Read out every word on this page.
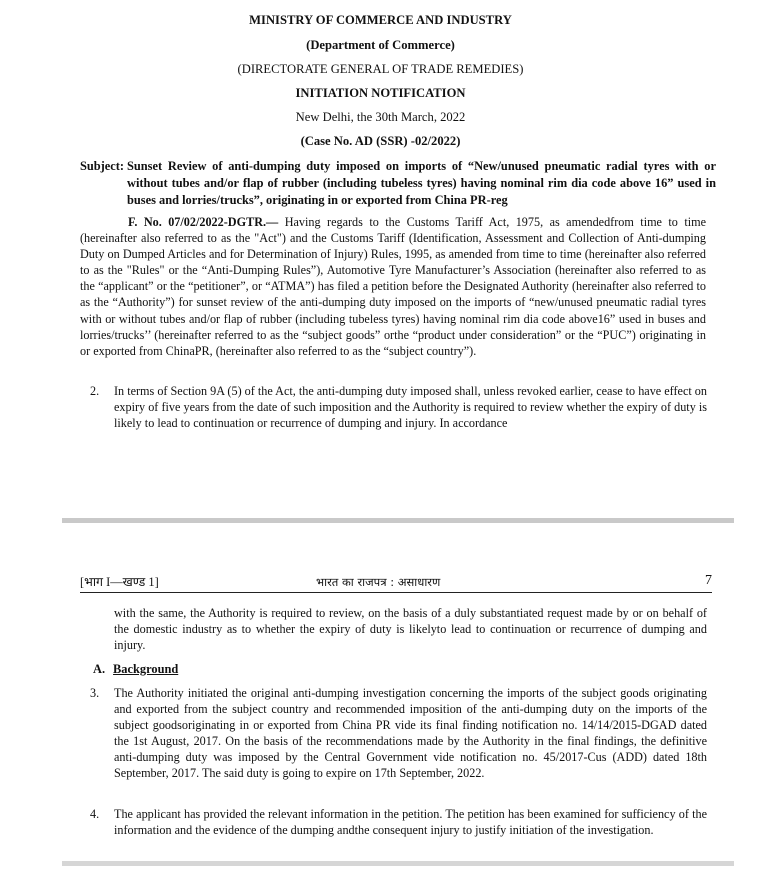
MINISTRY OF COMMERCE AND INDUSTRY
(Department of Commerce)
(DIRECTORATE GENERAL OF TRADE REMEDIES)
INITIATION NOTIFICATION
New Delhi, the 30th March, 2022
(Case No. AD (SSR) -02/2022)
Subject: Sunset Review of anti-dumping duty imposed on imports of “New/unused pneumatic radial tyres with or without tubes and/or flap of rubber (including tubeless tyres) having nominal rim dia code above 16” used in buses and lorries/trucks”, originating in or exported from China PR-reg
F. No. 07/02/2022-DGTR.— Having regards to the Customs Tariff Act, 1975, as amendedfrom time to time (hereinafter also referred to as the "Act") and the Customs Tariff (Identification, Assessment and Collection of Anti-dumping Duty on Dumped Articles and for Determination of Injury) Rules, 1995, as amended from time to time (hereinafter also referred to as the "Rules" or the “Anti-Dumping Rules”), Automotive Tyre Manufacturer’s Association (hereinafter also referred to as the “applicant” or the “petitioner”, or “ATMA”) has filed a petition before the Designated Authority (hereinafter also referred to as the “Authority”) for sunset review of the anti-dumping duty imposed on the imports of “new/unused pneumatic radial tyres with or without tubes and/or flap of rubber (including tubeless tyres) having nominal rim dia code above16” used in buses and lorries/trucks’’ (hereinafter referred to as the “subject goods” orthe “product under consideration” or the “PUC”) originating in or exported from ChinaPR, (hereinafter also referred to as the “subject country”).
2.	In terms of Section 9A (5) of the Act, the anti-dumping duty imposed shall, unless revoked earlier, cease to have effect on expiry of five years from the date of such imposition and the Authority is required to review whether the expiry of duty is likely to lead to continuation or recurrence of dumping and injury. In accordance
[भाग I—खण्ड 1]	भारत का राजपत्र : असाधारण	7
with the same, the Authority is required to review, on the basis of a duly substantiated request made by or on behalf of the domestic industry as to whether the expiry of duty is likelyto lead to continuation or recurrence of dumping and injury.
A. Background
3.	The Authority initiated the original anti-dumping investigation concerning the imports of the subject goods originating and exported from the subject country and recommended imposition of the anti-dumping duty on the imports of the subject goodsoriginating in or exported from China PR vide its final finding notification no. 14/14/2015-DGAD dated the 1st August, 2017. On the basis of the recommendations made by the Authority in the final findings, the definitive anti-dumping duty was imposed by the Central Government vide notification no. 45/2017-Cus (ADD) dated 18th September, 2017. The said duty is going to expire on 17th September, 2022.
4.	The applicant has provided the relevant information in the petition. The petition has been examined for sufficiency of the information and the evidence of the dumping andthe consequent injury to justify initiation of the investigation.
